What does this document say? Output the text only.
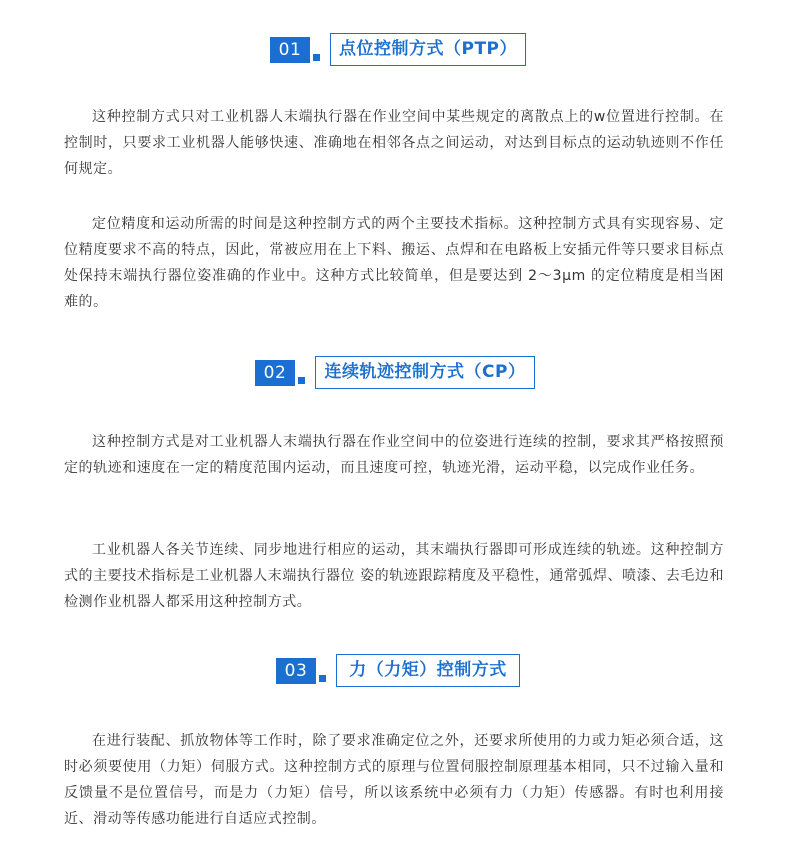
01	点位控制方式（PTP）

这种控制方式只对工业机器人末端执行器在作业空间中某些规定的离散点上的w位置进行控制。在控制时，只要求工业机器人能够快速、准确地在相邻各点之间运动，对达到目标点的运动轨迹则不作任何规定。

定位精度和运动所需的时间是这种控制方式的两个主要技术指标。这种控制方式具有实现容易、定位精度要求不高的特点，因此，常被应用在上下料、搬运、点焊和在电路板上安插元件等只要求目标点处保持末端执行器位姿准确的作业中。这种方式比较简单，但是要达到 2～3μm 的定位精度是相当困难的。

02	连续轨迹控制方式（CP）

这种控制方式是对工业机器人末端执行器在作业空间中的位姿进行连续的控制，要求其严格按照预定的轨迹和速度在一定的精度范围内运动，而且速度可控，轨迹光滑，运动平稳，以完成作业任务。

工业机器人各关节连续、同步地进行相应的运动，其末端执行器即可形成连续的轨迹。这种控制方式的主要技术指标是工业机器人末端执行器位 姿的轨迹跟踪精度及平稳性，通常弧焊、喷漆、去毛边和检测作业机器人都采用这种控制方式。

03	力（力矩）控制方式

在进行装配、抓放物体等工作时，除了要求准确定位之外，还要求所使用的力或力矩必须合适，这时必须要使用（力矩）伺服方式。这种控制方式的原理与位置伺服控制原理基本相同，只不过输入量和反馈量不是位置信号，而是力（力矩）信号，所以该系统中必须有力（力矩）传感器。有时也利用接近、滑动等传感功能进行自适应式控制。
